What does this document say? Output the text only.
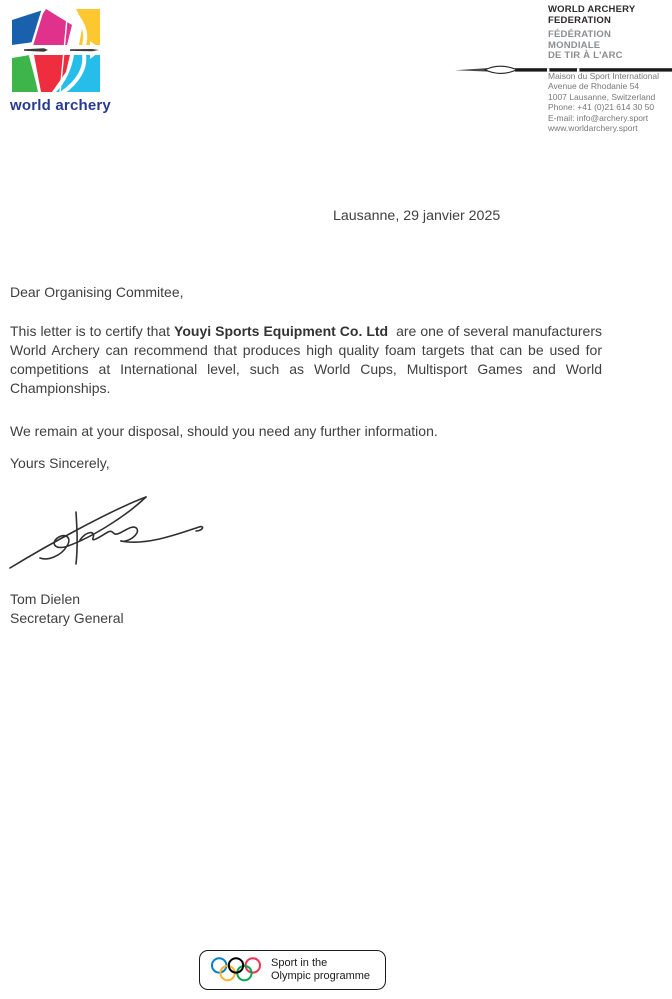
world archery
WORLD ARCHERY
FEDERATION
FÉDÉRATION
MONDIALE
DE TIR À L'ARC
Maison du Sport International
Avenue de Rhodanie 54
1007 Lausanne, Switzerland
Phone: +41 (0)21 614 30 50
E-mail: info@archery.sport
www.worldarchery.sport
Lausanne, 29 janvier 2025
Dear Organising Commitee,
This letter is to certify that Youyi Sports Equipment Co. Ltd  are one of several manufacturers World Archery can recommend that produces high quality foam targets that can be used for competitions at International level, such as World Cups, Multisport Games and World Championships.
We remain at your disposal, should you need any further information.
Yours Sincerely,
Tom Dielen
Secretary General
Sport in the
Olympic programme
